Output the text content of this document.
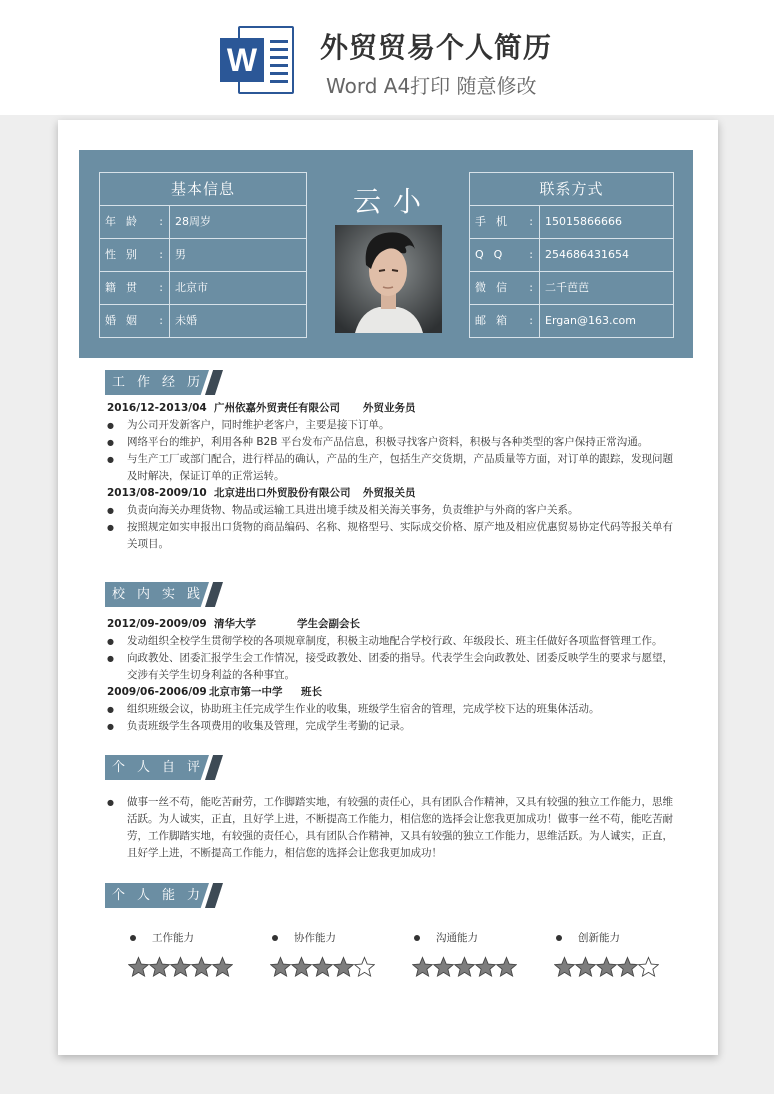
W 外贸贸易个人简历
Word A4打印 随意修改
基本信息
年龄 :	28周岁
性别 :	男
籍贯 :	北京市
婚姻 :	未婚
云小	联系方式
手机 :	15015866666
QQ :	254686431654
微信 :	二千芭芭
邮箱 :	Ergan@163.com
工作经历
2016/12-2013/04 广州依嘉外贸责任有限公司 外贸业务员
● 为公司开发新客户，同时维护老客户，主要是接下订单。
● 网络平台的维护，利用各种 B2B 平台发布产品信息，积极寻找客户资料，积极与各种类型的客户保持正常沟通。
● 与生产工厂或部门配合，进行样品的确认，产品的生产，包括生产交货期，产品质量等方面，对订单的跟踪，发现问题及时解决，保证订单的正常运转。
2013/08-2009/10 北京进出口外贸股份有限公司 外贸报关员
● 负责向海关办理货物、物品或运输工具进出境手续及相关海关事务，负责维护与外商的客户关系。
● 按照规定如实申报出口货物的商品编码、名称、规格型号、实际成交价格、原产地及相应优惠贸易协定代码等报关单有关项目。
校内实践
2012/09-2009/09 清华大学	学生会副会长
● 发动组织全校学生贯彻学校的各项规章制度，积极主动地配合学校行政、年级段长、班主任做好各项监督管理工作。
● 向政教处、团委汇报学生会工作情况，接受政教处、团委的指导。代表学生会向政教处、团委反映学生的要求与愿望，交涉有关学生切身利益的各种事宜。
2009/06-2006/09 北京市第一中学 班长
● 组织班级会议，协助班主任完成学生作业的收集，班级学生宿舍的管理，完成学校下达的班集体活动。
● 负责班级学生各项费用的收集及管理，完成学生考勤的记录。
个人自评
● 做事一丝不苟，能吃苦耐劳，工作脚踏实地，有较强的责任心，具有团队合作精神，又具有较强的独立工作能力，思维活跃。为人诚实，正直，且好学上进，不断提高工作能力，相信您的选择会让您我更加成功！做事一丝不苟，能吃苦耐劳，工作脚踏实地，有较强的责任心，具有团队合作精神，又具有较强的独立工作能力，思维活跃。为人诚实，正直，且好学上进，不断提高工作能力，相信您的选择会让您我更加成功！
个人能力
工作能力	协作能力	沟通能力	创新能力
